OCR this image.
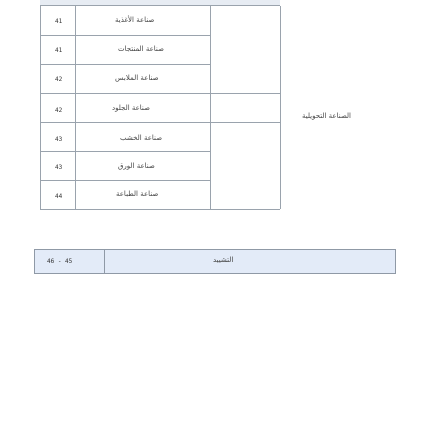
41	صناعة الأغذية
41	صناعة المنتجات
42	صناعة الملابس
42	صناعة الجلود
43	صناعة الخشب
43	صناعة الورق
44	صناعة الطباعة
الصناعة التحويلية
46 - 45	التشييد
